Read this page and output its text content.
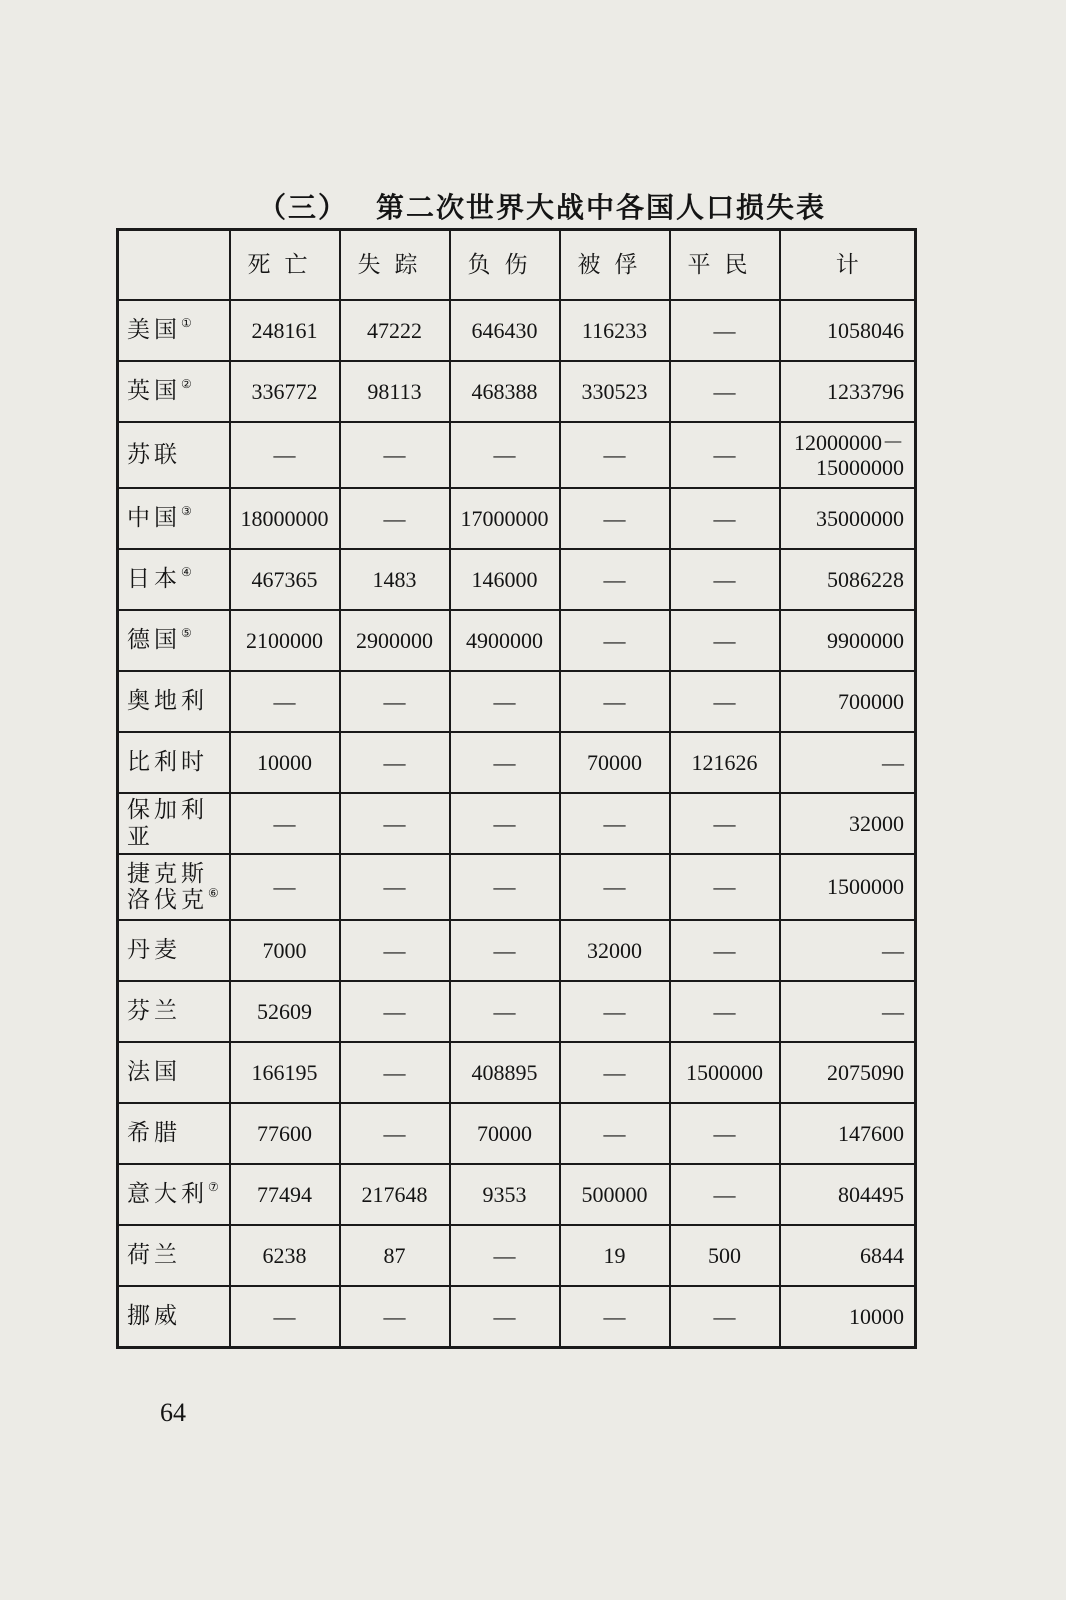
（三） 第二次世界大战中各国人口损失表
	死亡	失踪	负伤	被俘	平民	计
美国①	248161	47222	646430	116233	—	1058046
英国②	336772	98113	468388	330523	—	1233796
苏联	—	—	—	—	—	12000000－15000000
中国③	18000000	—	17000000	—	—	35000000
日本④	467365	1483	146000	—	—	5086228
德国⑤	2100000	2900000	4900000	—	—	9900000
奥地利	—	—	—	—	—	700000
比利时	10000	—	—	70000	121626	—
保加利亚	—	—	—	—	—	32000
捷克斯洛伐克⑥	—	—	—	—	—	1500000
丹麦	7000	—	—	32000	—	—
芬兰	52609	—	—	—	—	—
法国	166195	—	408895	—	1500000	2075090
希腊	77600	—	70000	—	—	147600
意大利⑦	77494	217648	9353	500000	—	804495
荷兰	6238	87	—	19	500	6844
挪威	—	—	—	—	—	10000
64
